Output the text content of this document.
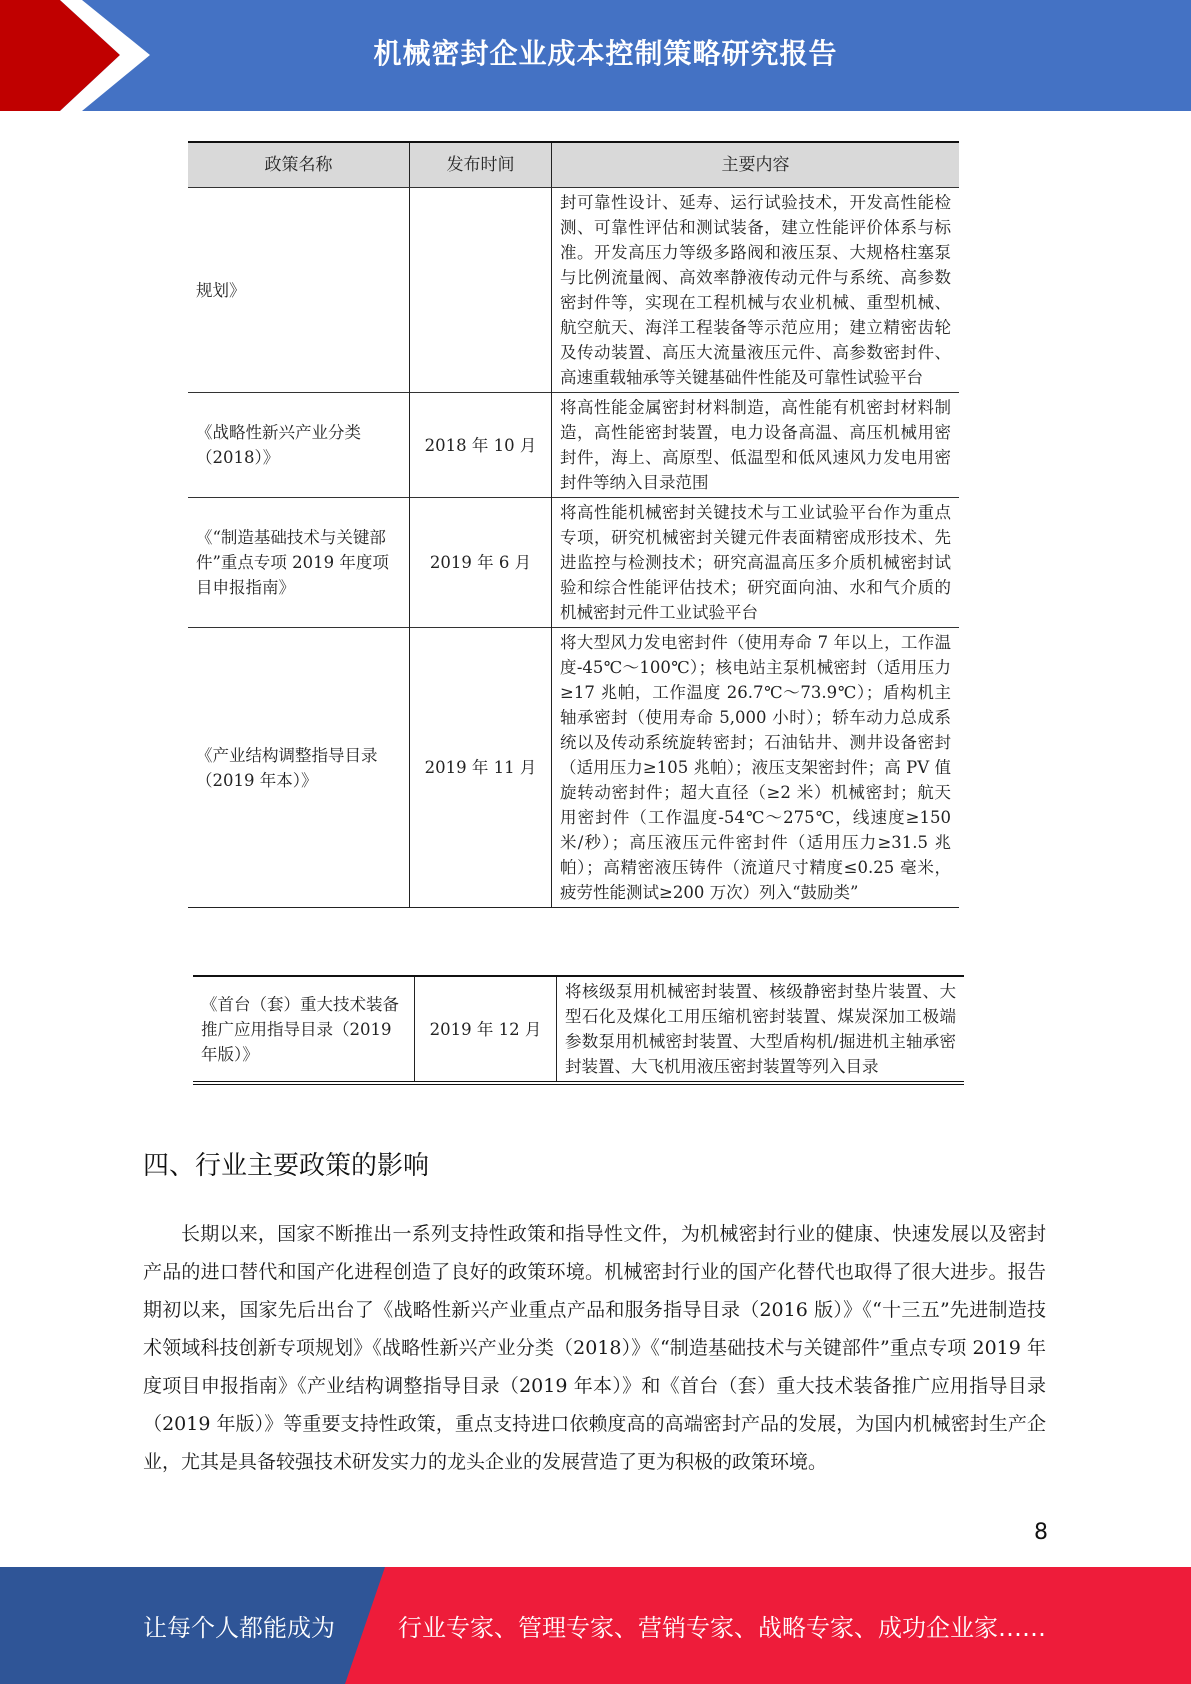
机械密封企业成本控制策略研究报告
政策名称	发布时间	主要内容
规划》		封可靠性设计、延寿、运行试验技术，开发高性能检测、可靠性评估和测试装备，建立性能评价体系与标准。开发高压力等级多路阀和液压泵、大规格柱塞泵与比例流量阀、高效率静液传动元件与系统、高参数密封件等，实现在工程机械与农业机械、重型机械、航空航天、海洋工程装备等示范应用；建立精密齿轮及传动装置、高压大流量液压元件、高参数密封件、高速重载轴承等关键基础件性能及可靠性试验平台
《战略性新兴产业分类（2018）》	2018 年 10 月	将高性能金属密封材料制造，高性能有机密封材料制造，高性能密封装置，电力设备高温、高压机械用密封件，海上、高原型、低温型和低风速风力发电用密封件等纳入目录范围
《“制造基础技术与关键部件”重点专项 2019 年度项目申报指南》	2019 年 6 月	将高性能机械密封关键技术与工业试验平台作为重点专项，研究机械密封关键元件表面精密成形技术、先进监控与检测技术；研究高温高压多介质机械密封试验和综合性能评估技术；研究面向油、水和气介质的机械密封元件工业试验平台
《产业结构调整指导目录（2019 年本）》	2019 年 11 月	将大型风力发电密封件（使用寿命 7 年以上，工作温度-45℃～100℃）；核电站主泵机械密封（适用压力≥17 兆帕，工作温度 26.7℃～73.9℃）；盾构机主轴承密封（使用寿命 5,000 小时）；轿车动力总成系统以及传动系统旋转密封；石油钻井、测井设备密封（适用压力≥105 兆帕）；液压支架密封件；高 PV 值旋转动密封件；超大直径（≥2 米）机械密封；航天用密封件（工作温度-54℃～275℃，线速度≥150 米/秒）；高压液压元件密封件（适用压力≥31.5 兆帕）；高精密液压铸件（流道尺寸精度≤0.25 毫米，疲劳性能测试≥200 万次）列入“鼓励类”
《首台（套）重大技术装备推广应用指导目录（2019 年版）》	2019 年 12 月	将核级泵用机械密封装置、核级静密封垫片装置、大型石化及煤化工用压缩机密封装置、煤炭深加工极端参数泵用机械密封装置、大型盾构机/掘进机主轴承密封装置、大飞机用液压密封装置等列入目录
四、行业主要政策的影响

长期以来，国家不断推出一系列支持性政策和指导性文件，为机械密封行业的健康、快速发展以及密封产品的进口替代和国产化进程创造了良好的政策环境。机械密封行业的国产化替代也取得了很大进步。报告期初以来，国家先后出台了《战略性新兴产业重点产品和服务指导目录（2016 版）》《“十三五”先进制造技术领域科技创新专项规划》《战略性新兴产业分类（2018）》《“制造基础技术与关键部件”重点专项 2019 年度项目申报指南》《产业结构调整指导目录（2019 年本）》和《首台（套）重大技术装备推广应用指导目录（2019 年版）》等重要支持性政策，重点支持进口依赖度高的高端密封产品的发展，为国内机械密封生产企业，尤其是具备较强技术研发实力的龙头企业的发展营造了更为积极的政策环境。

8
让每个人都能成为	行业专家、管理专家、营销专家、战略专家、成功企业家……
